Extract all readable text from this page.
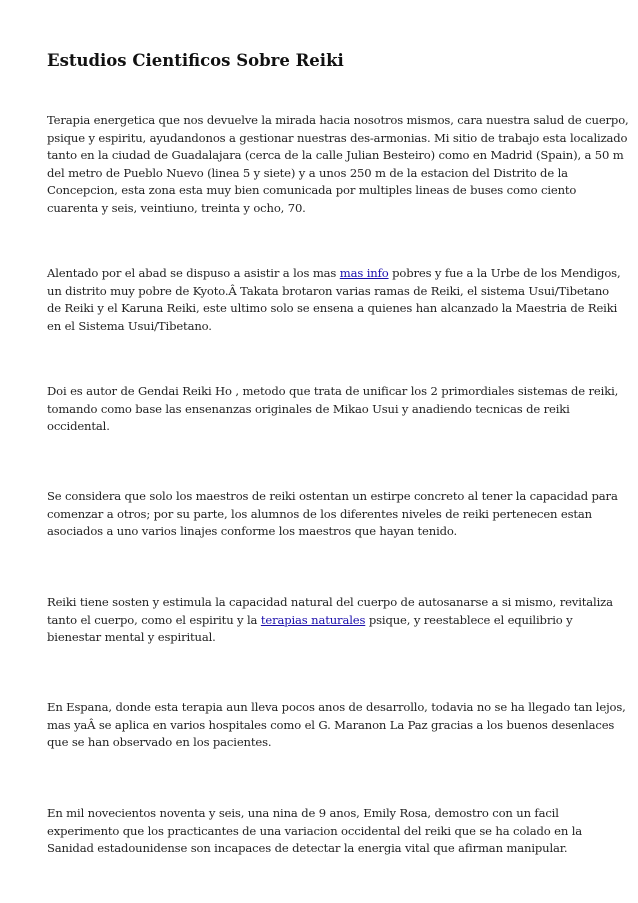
Estudios Cientificos Sobre Reiki

Terapia energetica que nos devuelve la mirada hacia nosotros mismos, cara nuestra salud de cuerpo,
psique y espiritu, ayudandonos a gestionar nuestras des-armonias. Mi sitio de trabajo esta localizado
tanto en la ciudad de Guadalajara (cerca de la calle Julian Besteiro) como en Madrid (Spain), a 50 m
del metro de Pueblo Nuevo (linea 5 y siete) y a unos 250 m de la estacion del Distrito de la
Concepcion, esta zona esta muy bien comunicada por multiples lineas de buses como ciento
cuarenta y seis, veintiuno, treinta y ocho, 70.

Alentado por el abad se dispuso a asistir a los mas mas info pobres y fue a la Urbe de los Mendigos,
un distrito muy pobre de Kyoto.Â Takata brotaron varias ramas de Reiki, el sistema Usui/Tibetano
de Reiki y el Karuna Reiki, este ultimo solo se ensena a quienes han alcanzado la Maestria de Reiki
en el Sistema Usui/Tibetano.

Doi es autor de Gendai Reiki Ho , metodo que trata de unificar los 2 primordiales sistemas de reiki,
tomando como base las ensenanzas originales de Mikao Usui y anadiendo tecnicas de reiki
occidental.

Se considera que solo los maestros de reiki ostentan un estirpe concreto al tener la capacidad para
comenzar a otros; por su parte, los alumnos de los diferentes niveles de reiki pertenecen estan
asociados a uno varios linajes conforme los maestros que hayan tenido.

Reiki tiene sosten y estimula la capacidad natural del cuerpo de autosanarse a si mismo, revitaliza
tanto el cuerpo, como el espiritu y la terapias naturales psique, y reestablece el equilibrio y
bienestar mental y espiritual.

En Espana, donde esta terapia aun lleva pocos anos de desarrollo, todavia no se ha llegado tan lejos,
mas yaÂ se aplica en varios hospitales como el G. Maranon La Paz gracias a los buenos desenlaces
que se han observado en los pacientes.

En mil novecientos noventa y seis, una nina de 9 anos, Emily Rosa, demostro con un facil
experimento que los practicantes de una variacion occidental del reiki que se ha colado en la
Sanidad estadounidense son incapaces de detectar la energia vital que afirman manipular.
